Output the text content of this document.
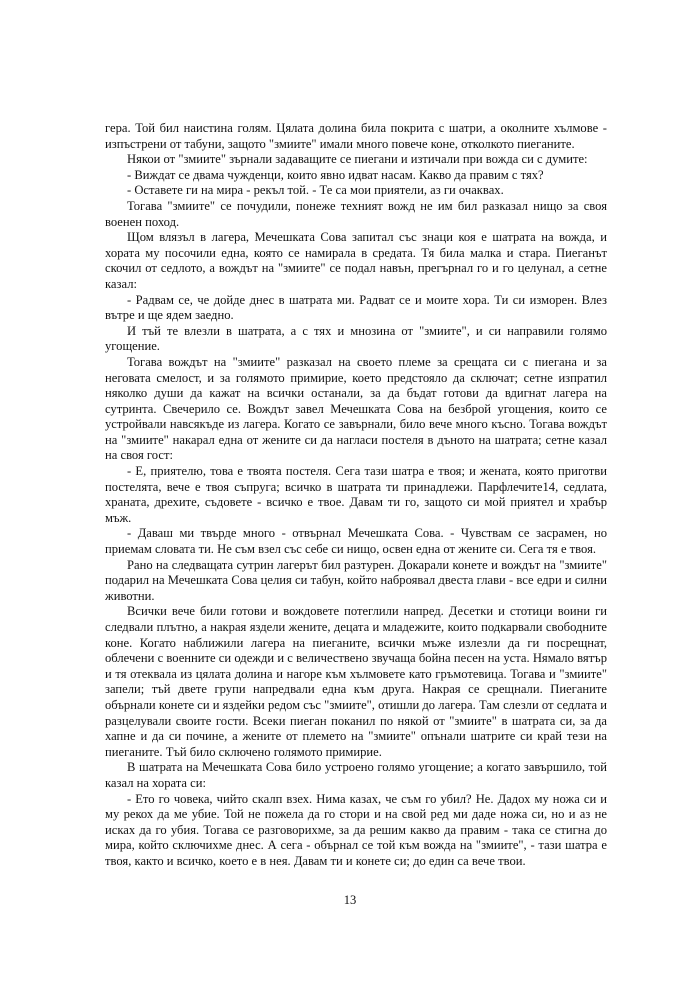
гера. Той бил наистина голям. Цялата долина била покрита с шатри, а околните хълмове - изпъстрени от табуни, защото "змиите" имали много повече коне, отколкото пиеганите.

Някои от "змиите" зърнали задаващите се пиегани и изтичали при вожда си с думите:

- Виждат се двама чужденци, които явно идват насам. Какво да правим с тях?

- Оставете ги на мира - рекъл той. - Те са мои приятели, аз ги очаквах.

Тогава "змиите" се почудили, понеже техният вожд не им бил разказал нищо за своя военен поход.

Щом влязъл в лагера, Мечешката Сова запитал със знаци коя е шатрата на вожда, и хората му посочили една, която се намирала в средата. Тя била малка и стара. Пиеганът скочил от седлото, а вождът на "змиите" се подал навън, прегърнал го и го целунал, а сетне казал:

- Радвам се, че дойде днес в шатрата ми. Радват се и моите хора. Ти си изморен. Влез вътре и ще ядем заедно.

И тъй те влезли в шатрата, а с тях и мнозина от "змиите", и си направили голямо угощение.

Тогава вождът на "змиите" разказал на своето племе за срещата си с пиегана и за неговата смелост, и за голямото примирие, което предстояло да сключат; сетне изпратил няколко души да кажат на всички останали, за да бъдат готови да вдигнат лагера на сутринта. Свечерило се. Вождът завел Мечешката Сова на безброй угощения, които се устройвали навсякъде из лагера. Когато се завърнали, било вече много късно. Тогава вождът на "змиите" накарал една от жените си да нагласи постеля в дъното на шатрата; сетне казал на своя гост:

- Е, приятелю, това е твоята постеля. Сега тази шатра е твоя; и жената, която приготви постелята, вече е твоя съпруга; всичко в шатрата ти принадлежи. Парфлечите14, седлата, храната, дрехите, съдовете - всичко е твое. Давам ти го, защото си мой приятел и храбър мъж.

- Даваш ми твърде много - отвърнал Мечешката Сова. - Чувствам се засрамен, но приемам словата ти. Не съм взел със себе си нищо, освен една от жените си. Сега тя е твоя.

Рано на следващата сутрин лагерът бил разтурен. Докарали конете и вождът на "змиите" подарил на Мечешката Сова целия си табун, който наброявал двеста глави - все едри и силни животни.

Всички вече били готови и вождовете потеглили напред. Десетки и стотици воини ги следвали плътно, а накрая яздели жените, децата и младежите, които подкарвали свободните коне. Когато наближили лагера на пиеганите, всички мъже излезли да ги посрещнат, облечени с военните си одежди и с величествено звучаща бойна песен на уста. Нямало вятър и тя отеквала из цялата долина и нагоре към хълмовете като гръмотевица. Тогава и "змиите" запели; тъй двете групи напредвали една към друга. Накрая се срещнали. Пиеганите обърнали конете си и яздейки редом със "змиите", отишли до лагера. Там слезли от седлата и разцелували своите гости. Всеки пиеган поканил по някой от "змиите" в шатрата си, за да хапне и да си почине, а жените от племето на "змиите" опънали шатрите си край тези на пиеганите. Тъй било сключено голямото примирие.

В шатрата на Мечешката Сова било устроено голямо угощение; а когато завършило, той казал на хората си:

- Ето го човека, чийто скалп взех. Нима казах, че съм го убил? Не. Дадох му ножа си и му рекох да ме убие. Той не пожела да го стори и на свой ред ми даде ножа си, но и аз не исках да го убия. Тогава се разговорихме, за да решим какво да правим - така се стигна до мира, който сключихме днес. А сега - обърнал се той към вожда на "змиите", - тази шатра е твоя, както и всичко, което е в нея. Давам ти и конете си; до един са вече твои.

13
